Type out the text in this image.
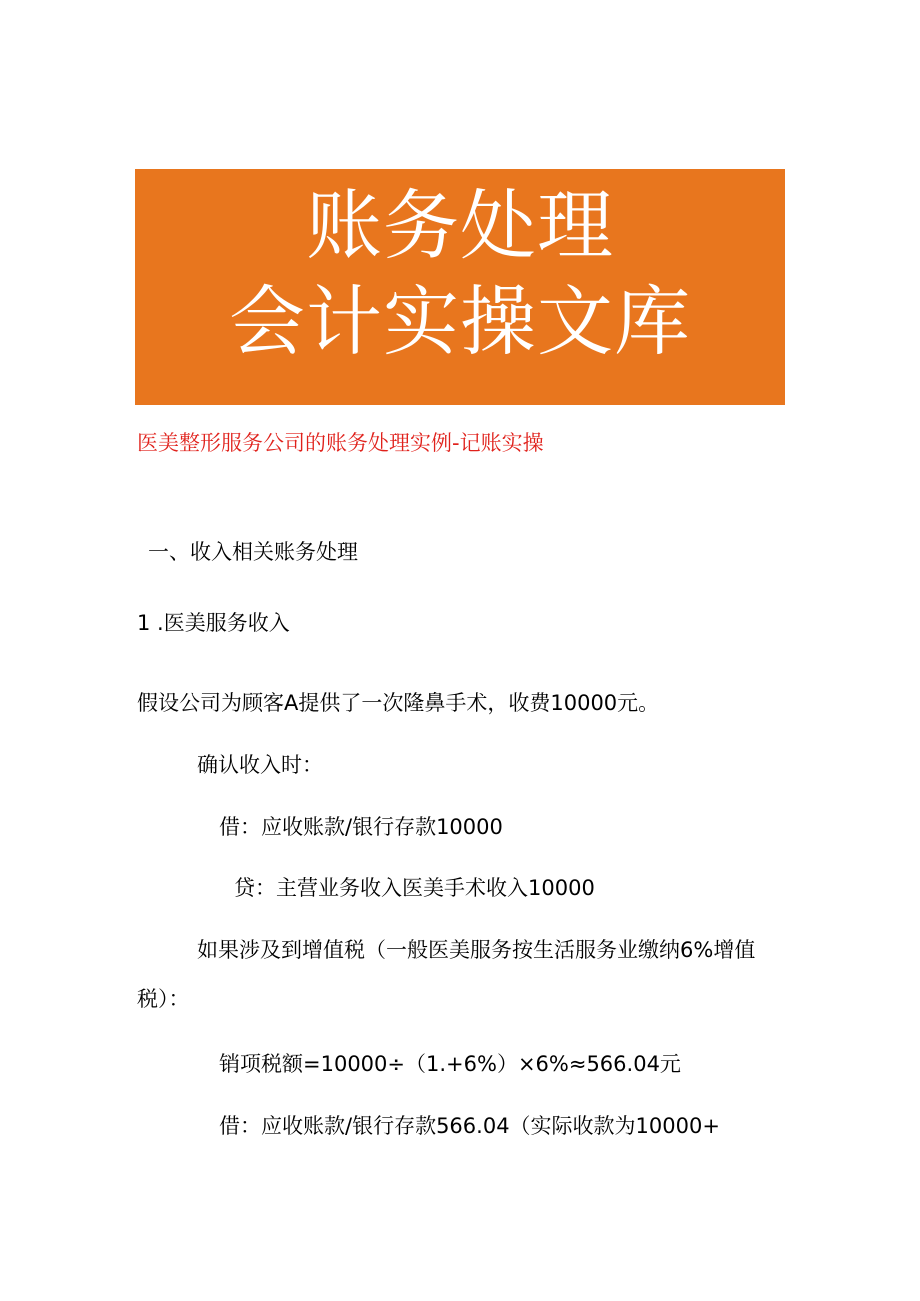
账务处理
会计实操文库
医美整形服务公司的账务处理实例-记账实操
一、收入相关账务处理
1 .医美服务收入
假设公司为顾客A提供了一次隆鼻手术，收费10000元。
确认收入时：
借：应收账款/银行存款10000
贷：主营业务收入医美手术收入10000
如果涉及到增值税（一般医美服务按生活服务业缴纳6%增值
税）：
销项税额=10000÷（1.+6%）×6%≈566.04元
借：应收账款/银行存款566.04（实际收款为10000+
